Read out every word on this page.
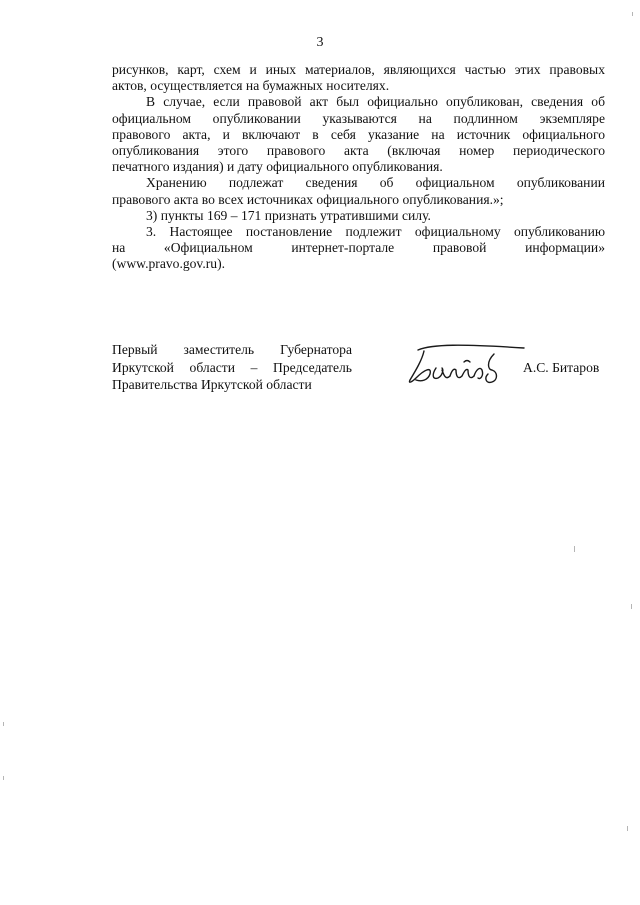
3
рисунков, карт, схем и иных материалов, являющихся частью этих правовых
актов, осуществляется на бумажных носителях.
В случае, если правовой акт был официально опубликован, сведения об
официальном опубликовании указываются на подлинном экземпляре
правового акта, и включают в себя указание на источник официального
опубликования этого правового акта (включая номер периодического
печатного издания) и дату официального опубликования.
Хранению подлежат сведения об официальном опубликовании
правового акта во всех источниках официального опубликования.»;
3) пункты 169 – 171 признать утратившими силу.
3. Настоящее постановление подлежит официальному опубликованию
на «Официальном интернет-портале правовой информации»
(www.pravo.gov.ru).
Первый заместитель Губернатора
Иркутской области – Председатель
Правительства Иркутской области
А.С. Битаров
